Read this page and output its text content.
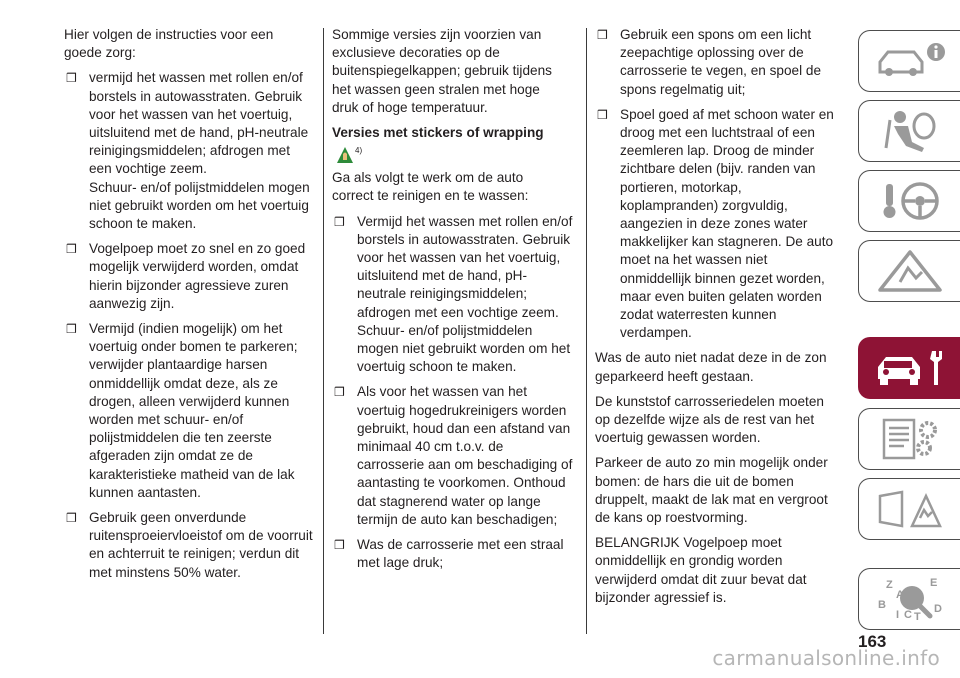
Hier volgen de instructies voor een
goede zorg:

❒ vermijd het wassen met rollen en/of
borstels in autowasstraten. Gebruik
voor het wassen van het voertuig,
uitsluitend met de hand, pH-neutrale
reinigingsmiddelen; afdrogen met
een vochtige zeem.
Schuur- en/of polijstmiddelen mogen
niet gebruikt worden om het voertuig
schoon te maken.
❒ Vogelpoep moet zo snel en zo goed
mogelijk verwijderd worden, omdat
hierin bijzonder agressieve zuren
aanwezig zijn.
❒ Vermijd (indien mogelijk) om het
voertuig onder bomen te parkeren;
verwijder plantaardige harsen
onmiddellijk omdat deze, als ze
drogen, alleen verwijderd kunnen
worden met schuur- en/of
polijstmiddelen die ten zeerste
afgeraden zijn omdat ze de
karakteristieke matheid van de lak
kunnen aantasten.
❒ Gebruik geen onverdunde
ruitensproeiervloeistof om de voorruit
en achterruit te reinigen; verdun dit
met minstens 50% water.

Sommige versies zijn voorzien van
exclusieve decoraties op de
buitenspiegelkappen; gebruik tijdens
het wassen geen stralen met hoge
druk of hoge temperatuur.

Versies met stickers of wrapping
4)

Ga als volgt te werk om de auto
correct te reinigen en te wassen:

❒ Vermijd het wassen met rollen en/of
borstels in autowasstraten. Gebruik
voor het wassen van het voertuig,
uitsluitend met de hand, pH-
neutrale reinigingsmiddelen;
afdrogen met een vochtige zeem.
Schuur- en/of polijstmiddelen
mogen niet gebruikt worden om het
voertuig schoon te maken.
❒ Als voor het wassen van het
voertuig hogedrukreinigers worden
gebruikt, houd dan een afstand van
minimaal 40 cm t.o.v. de
carrosserie aan om beschadiging of
aantasting te voorkomen. Onthoud
dat stagnerend water op lange
termijn de auto kan beschadigen;
❒ Was de carrosserie met een straal
met lage druk;
❒ Gebruik een spons om een licht
zeepachtige oplossing over de
carrosserie te vegen, en spoel de
spons regelmatig uit;
❒ Spoel goed af met schoon water en
droog met een luchtstraal of een
zeemleren lap. Droog de minder
zichtbare delen (bijv. randen van
portieren, motorkap,
koplampranden) zorgvuldig,
aangezien in deze zones water
makkelijker kan stagneren. De auto
moet na het wassen niet
onmiddellijk binnen gezet worden,
maar even buiten gelaten worden
zodat waterresten kunnen
verdampen.

Was de auto niet nadat deze in de zon
geparkeerd heeft gestaan.

De kunststof carrosseriedelen moeten
op dezelfde wijze als de rest van het
voertuig gewassen worden.

Parkeer de auto zo min mogelijk onder
bomen: de hars die uit de bomen
druppelt, maakt de lak mat en vergroot
de kans op roestvorming.

BELANGRIJK Vogelpoep moet
onmiddellijk en grondig worden
verwijderd omdat dit zuur bevat dat
bijzonder agressief is.

Z	E
A
B
I C T
D
163
carmanualsonline.info
